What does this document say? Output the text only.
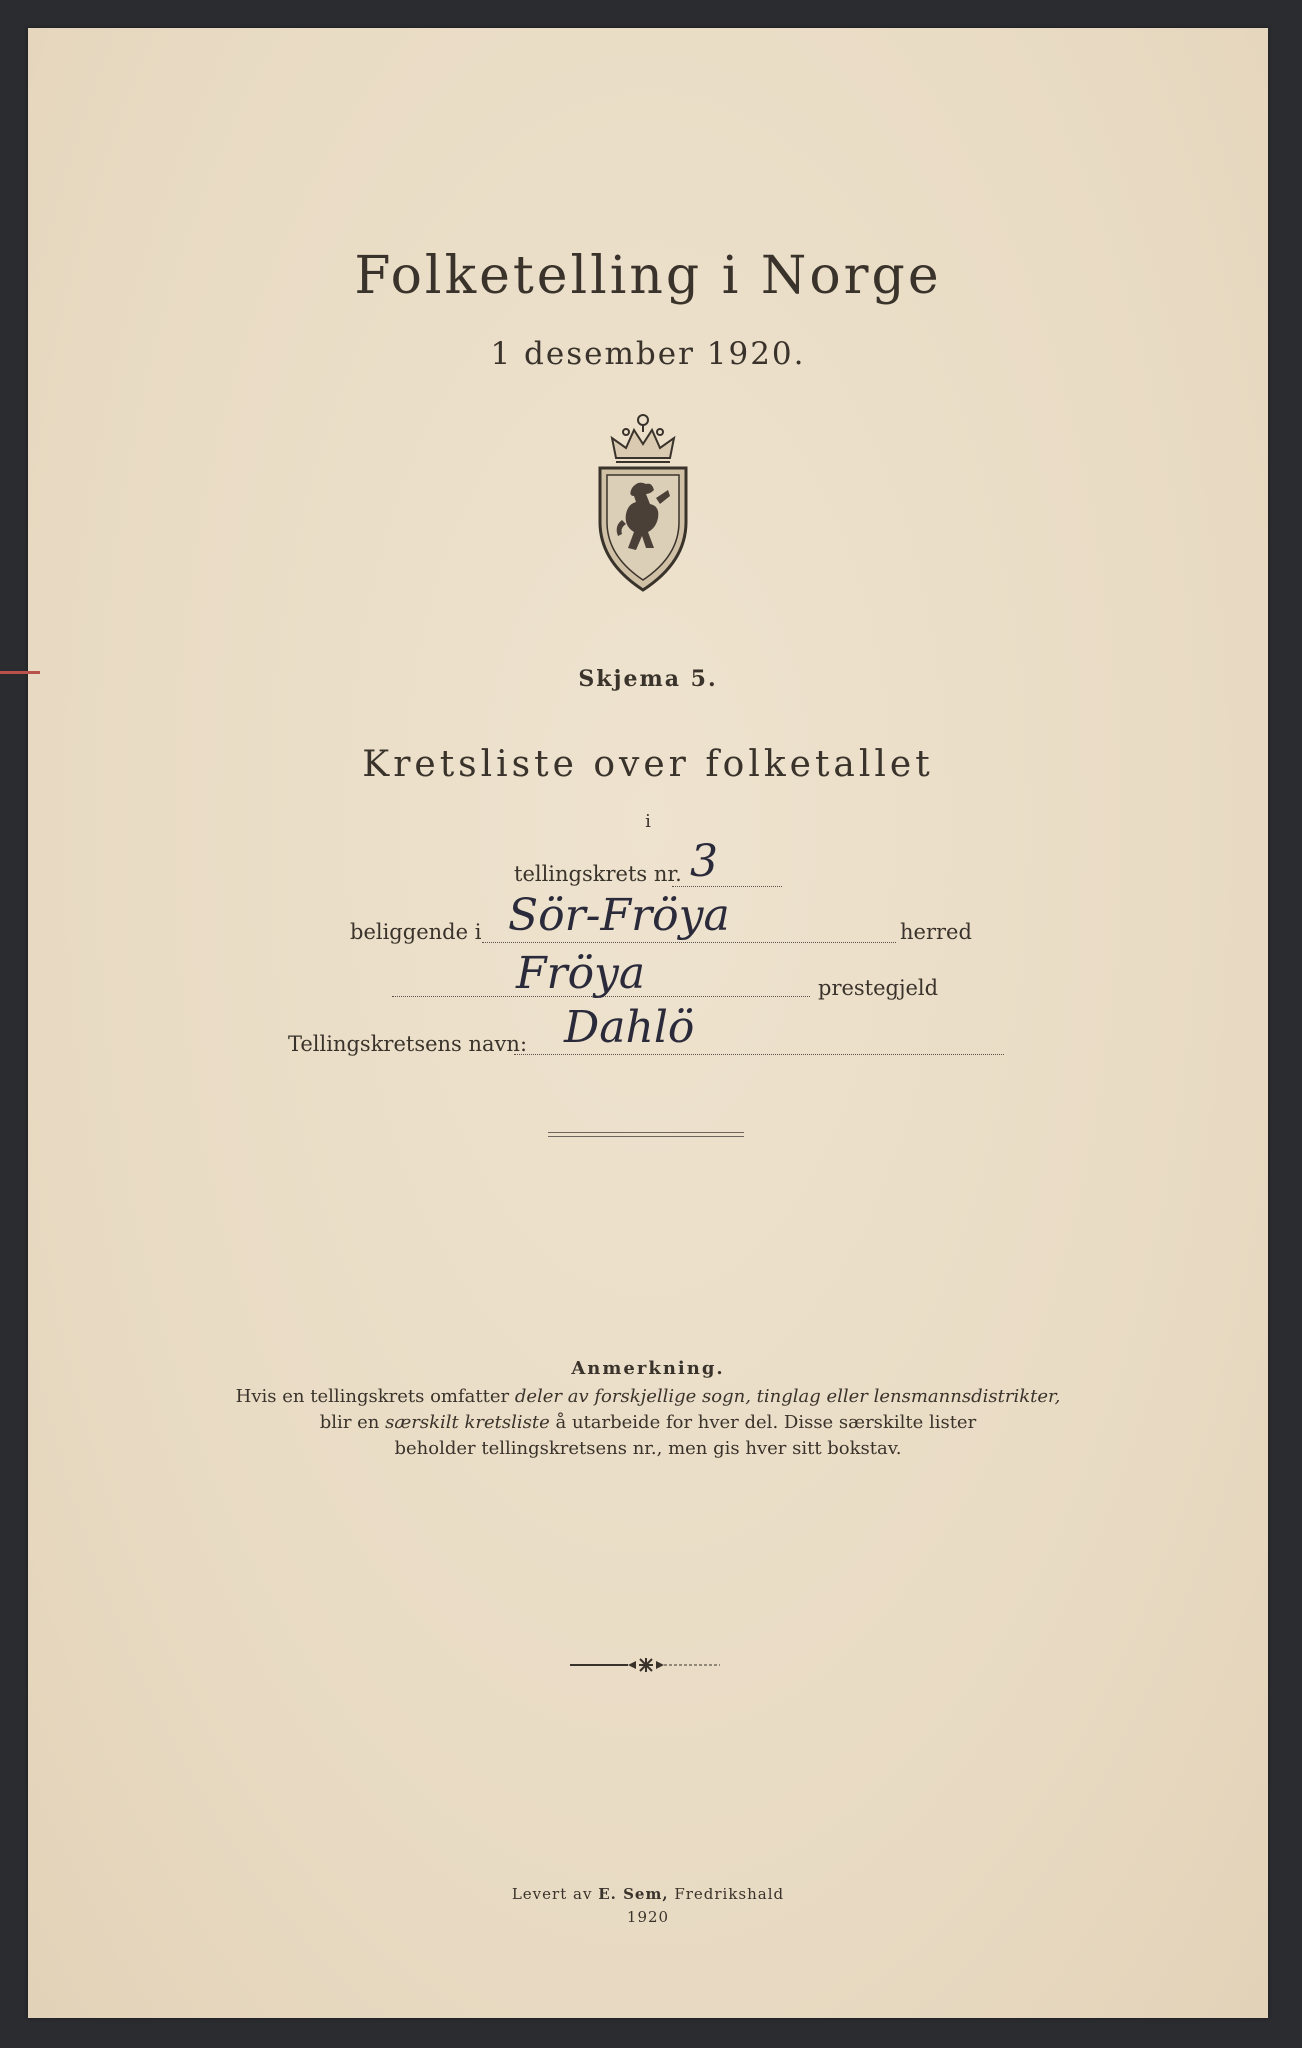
Folketelling i Norge
1 desember 1920.
Skjema 5.
Kretsliste over folketallet
i
tellingskrets nr. 3
beliggende i Sör-Fröya	herred
Fröya	prestegjeld
Tellingskretsens navn: Dahlö
Anmerkning.
Hvis en tellingskrets omfatter deler av forskjellige sogn, tinglag eller lensmannsdistrikter,
blir en særskilt kretsliste å utarbeide for hver del. Disse særskilte lister
beholder tellingskretsens nr., men gis hver sitt bokstav.
Levert av E. Sem, Fredrikshald
1920
